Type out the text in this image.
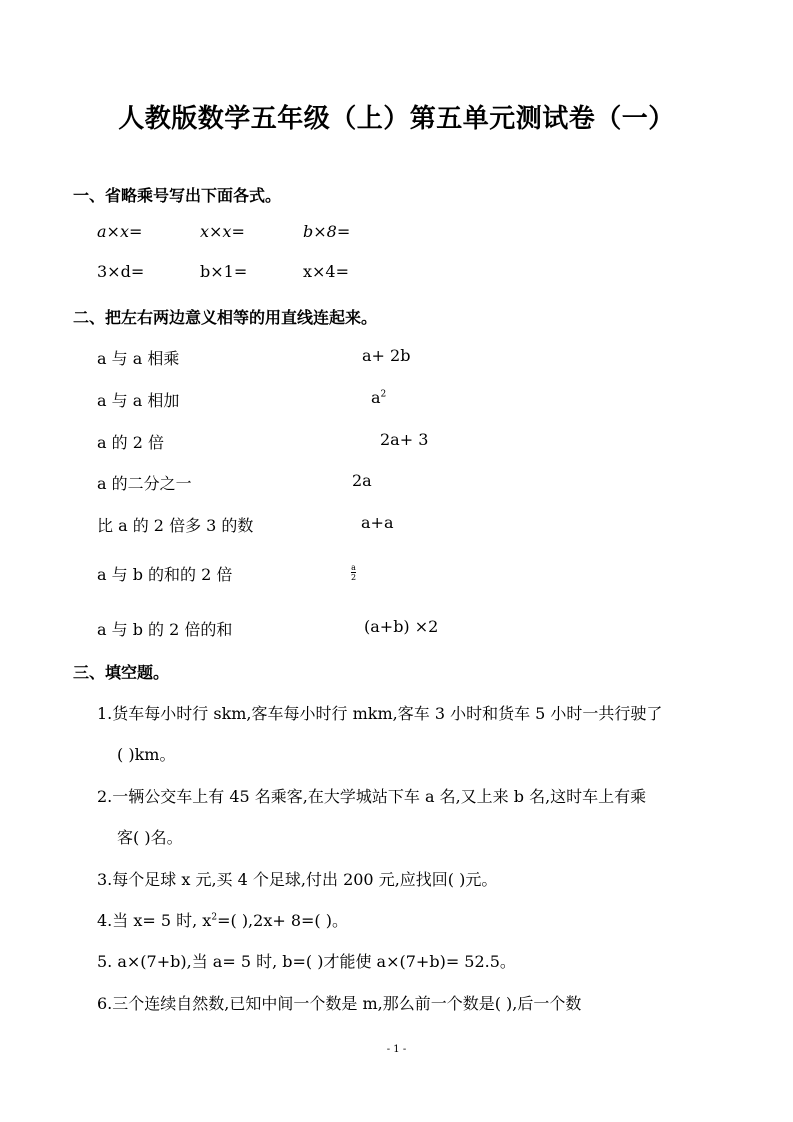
人教版数学五年级（上）第五单元测试卷（一）
一、省略乘号写出下面各式。
a×x=	x×x=	b×8=
3×d=	b×1=	x×4=
二、把左右两边意义相等的用直线连起来。
a 与 a 相乘
a 与 a 相加
a 的 2 倍
a 的二分之一
比 a 的 2 倍多 3 的数
a 与 b 的和的 2 倍
a 与 b 的 2 倍的和
a+ 2b
$a^2$
2a+ 3
2a
a+a
$\frac{a}{2}$
(a+b) ×2
三、填空题。
1.货车每小时行 skm,客车每小时行 mkm,客车 3 小时和货车 5 小时一共行驶了
( )km。
2.一辆公交车上有 45 名乘客,在大学城站下车 a 名,又上来 b 名,这时车上有乘
客( )名。
3.每个足球 x 元,买 4 个足球,付出 200 元,应找回( )元。
4.当 x= 5 时, $x^2=$( ),2x+ 8=( )。
5. a×(7+b),当 a= 5 时, b=( )才能使 a×(7+b)= 52.5。
6.三个连续自然数,已知中间一个数是 m,那么前一个数是( ),后一个数
- 1 -
